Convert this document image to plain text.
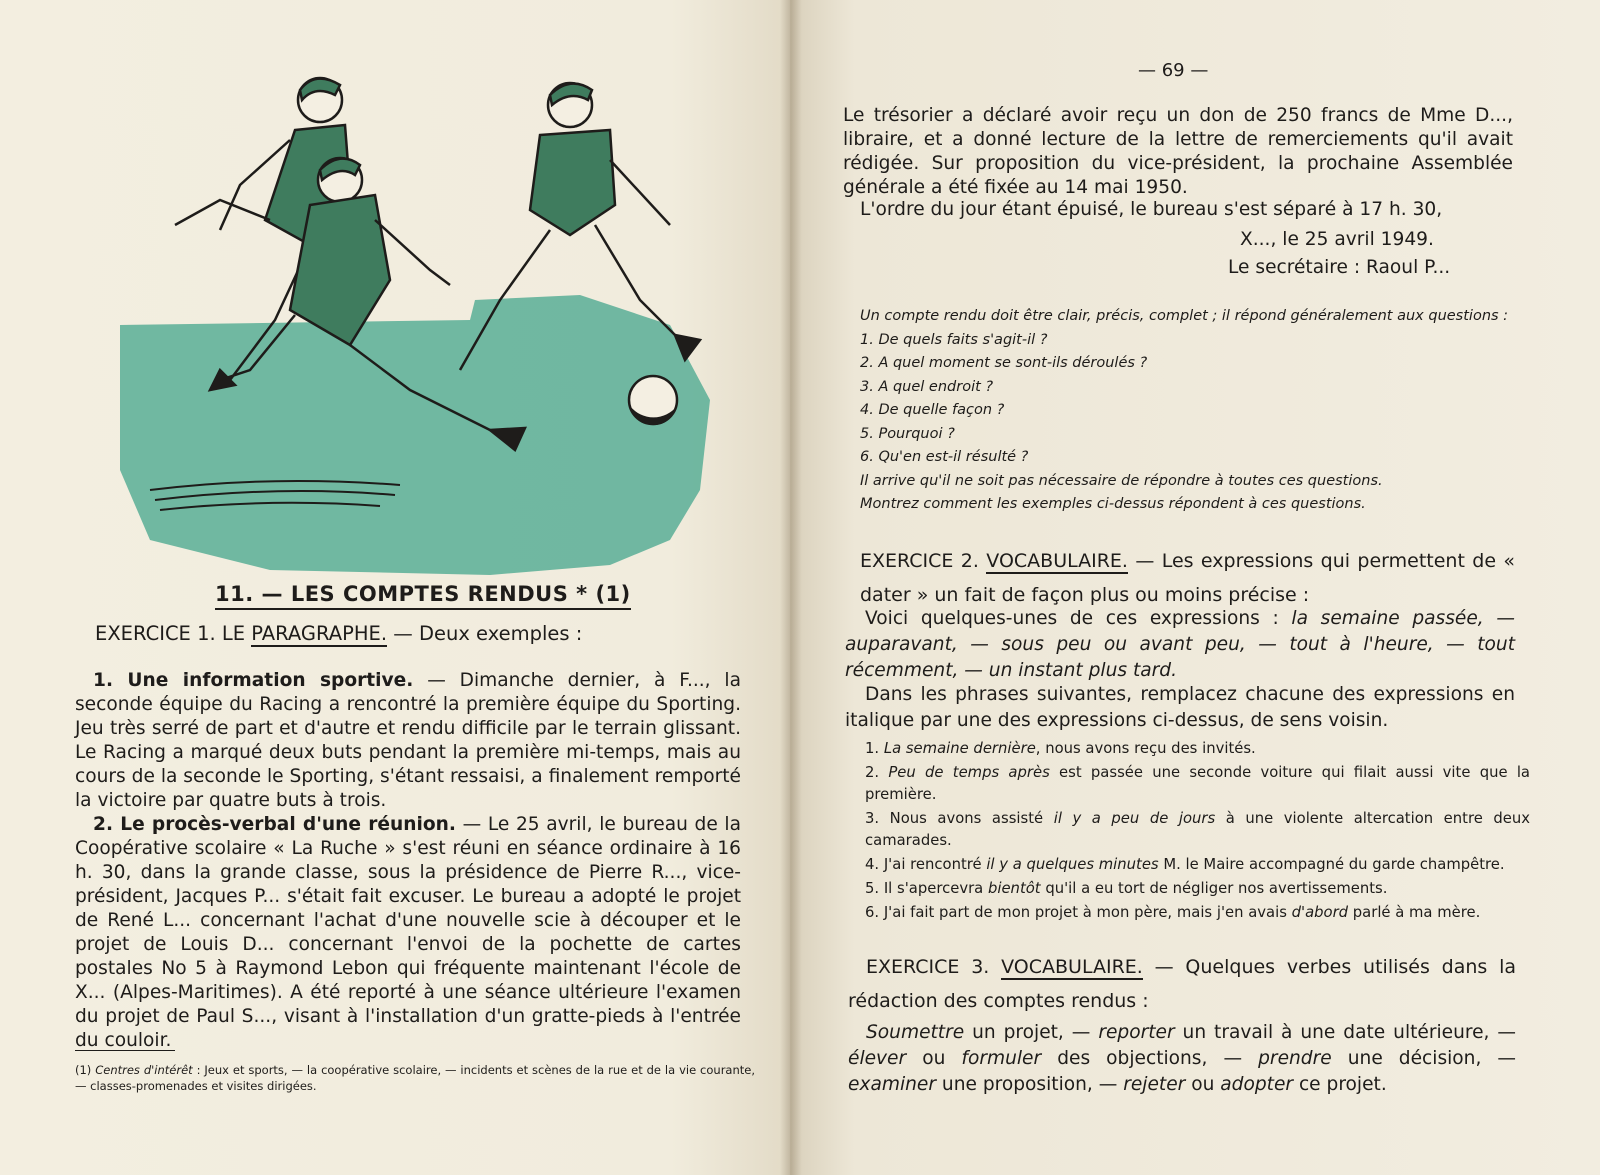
11. — LES COMPTES RENDUS * (1)
EXERCICE 1. LE PARAGRAPHE. — Deux exemples :

1. Une information sportive. — Dimanche dernier, à F..., la seconde équipe du Racing a rencontré la première équipe du Sporting. Jeu très serré de part et d'autre et rendu difficile par le terrain glissant. Le Racing a marqué deux buts pendant la première mi-temps, mais au cours de la seconde le Sporting, s'étant ressaisi, a finalement remporté la victoire par quatre buts à trois.

2. Le procès-verbal d'une réunion. — Le 25 avril, le bureau de la Coopérative scolaire « La Ruche » s'est réuni en séance ordinaire à 16 h. 30, dans la grande classe, sous la présidence de Pierre R..., vice-président, Jacques P... s'était fait excuser. Le bureau a adopté le projet de René L... concernant l'achat d'une nouvelle scie à découper et le projet de Louis D... concernant l'envoi de la pochette de cartes postales No 5 à Raymond Lebon qui fréquente maintenant l'école de X... (Alpes-Maritimes). A été reporté à une séance ultérieure l'examen du projet de Paul S..., visant à l'installation d'un gratte-pieds à l'entrée du couloir.

(1) Centres d'intérêt : Jeux et sports, — la coopérative scolaire, — incidents et scènes de la rue et de la vie courante, — classes-promenades et visites dirigées.
— 69 —

Le trésorier a déclaré avoir reçu un don de 250 francs de Mme D..., libraire, et a donné lecture de la lettre de remerciements qu'il avait rédigée. Sur proposition du vice-président, la prochaine Assemblée générale a été fixée au 14 mai 1950.

L'ordre du jour étant épuisé, le bureau s'est séparé à 17 h. 30,

X..., le 25 avril 1949.

Le secrétaire : Raoul P...

Un compte rendu doit être clair, précis, complet ; il répond généralement aux questions :
1. De quels faits s'agit-il ?
2. A quel moment se sont-ils déroulés ?
3. A quel endroit ?
4. De quelle façon ?
5. Pourquoi ?
6. Qu'en est-il résulté ?
Il arrive qu'il ne soit pas nécessaire de répondre à toutes ces questions.
Montrez comment les exemples ci-dessus répondent à ces questions.

EXERCICE 2. VOCABULAIRE. — Les expressions qui permettent de « dater » un fait de façon plus ou moins précise :

Voici quelques-unes de ces expressions : la semaine passée, — auparavant, — sous peu ou avant peu, — tout à l'heure, — tout récemment, — un instant plus tard.

Dans les phrases suivantes, remplacez chacune des expressions en italique par une des expressions ci-dessus, de sens voisin.

1. La semaine dernière, nous avons reçu des invités.
2. Peu de temps après est passée une seconde voiture qui filait aussi vite que la première.
3. Nous avons assisté il y a peu de jours à une violente altercation entre deux camarades.
4. J'ai rencontré il y a quelques minutes M. le Maire accompagné du garde champêtre.
5. Il s'apercevra bientôt qu'il a eu tort de négliger nos avertissements.
6. J'ai fait part de mon projet à mon père, mais j'en avais d'abord parlé à ma mère.

EXERCICE 3. VOCABULAIRE. — Quelques verbes utilisés dans la rédaction des comptes rendus :

Soumettre un projet, — reporter un travail à une date ultérieure, — élever ou formuler des objections, — prendre une décision, — examiner une proposition, — rejeter ou adopter ce projet.
